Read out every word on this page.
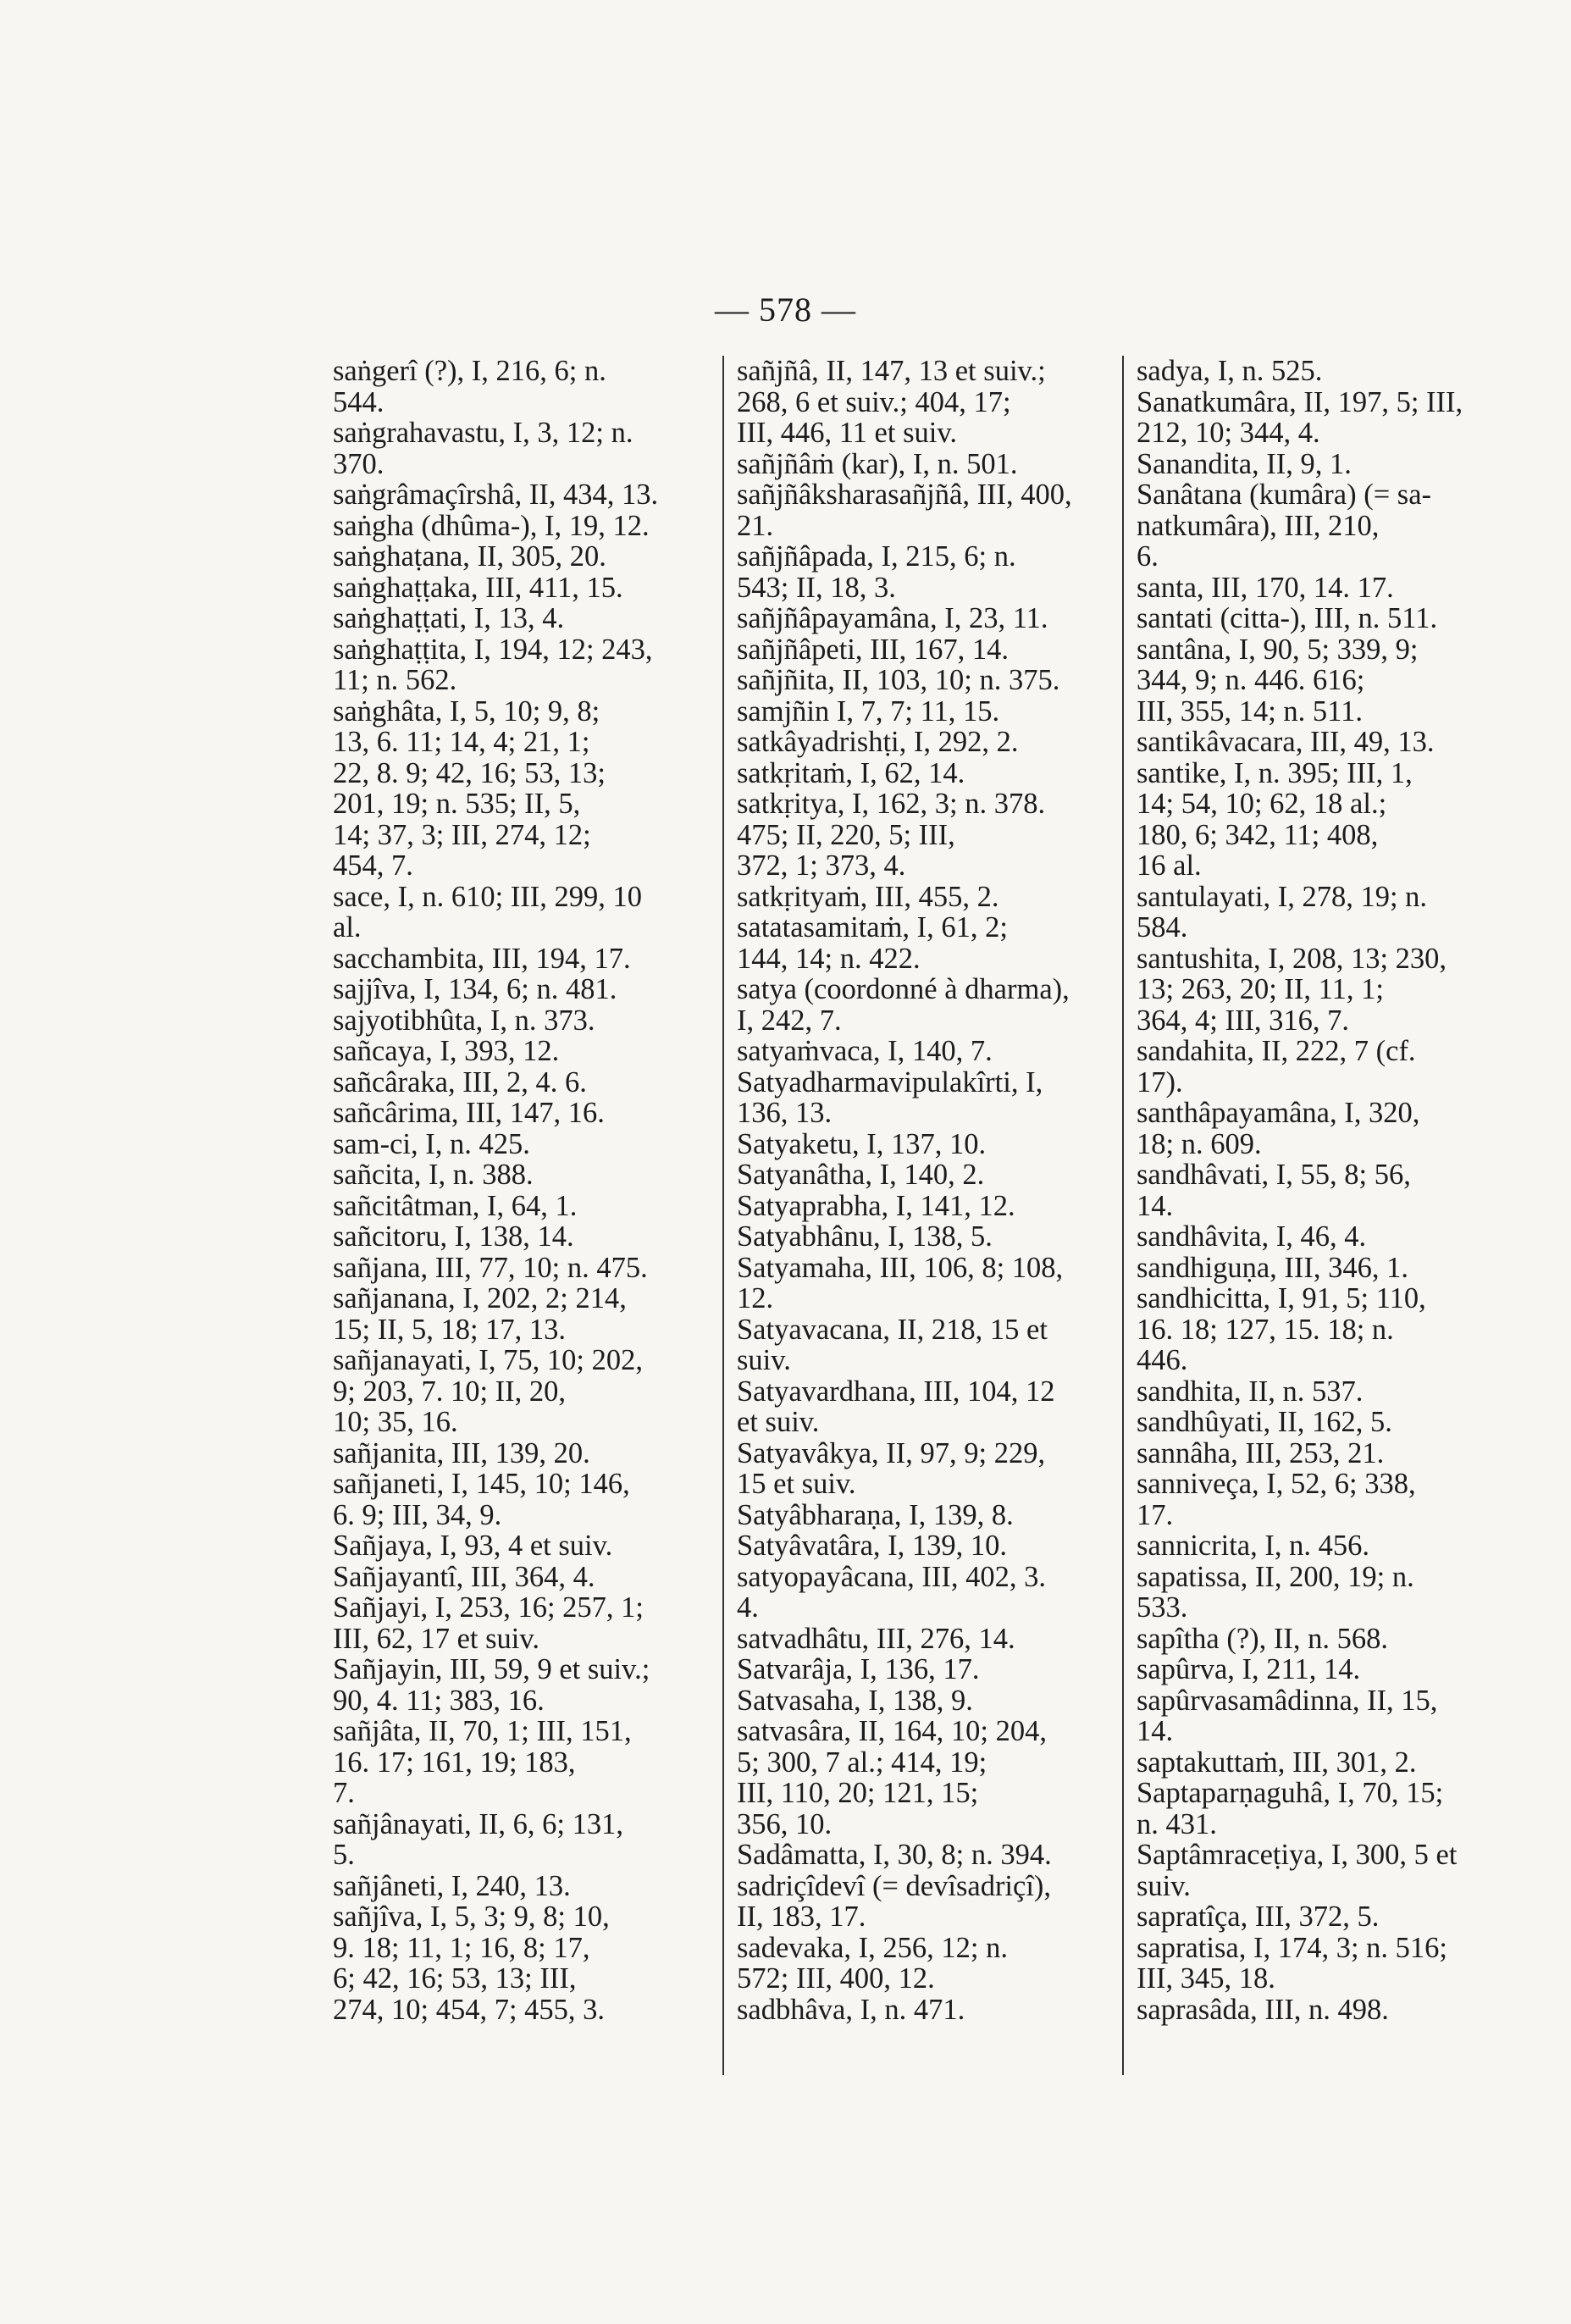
— 578 —
saṅgerî (?), I, 216, 6; n.
544.
saṅgrahavastu, I, 3, 12; n.
370.
saṅgrâmaçîrshâ, II, 434, 13.
saṅgha (dhûma-), I, 19, 12.
saṅghaṭana, II, 305, 20.
saṅghaṭṭaka, III, 411, 15.
saṅghaṭṭati, I, 13, 4.
saṅghaṭṭita, I, 194, 12; 243,
11; n. 562.
saṅghâta, I, 5, 10; 9, 8;
13, 6. 11; 14, 4; 21, 1;
22, 8. 9; 42, 16; 53, 13;
201, 19; n. 535; II, 5,
14; 37, 3; III, 274, 12;
454, 7.
sace, I, n. 610; III, 299, 10
al.
sacchambita, III, 194, 17.
sajjîva, I, 134, 6; n. 481.
sajyotibhûta, I, n. 373.
sañcaya, I, 393, 12.
sañcâraka, III, 2, 4. 6.
sañcârima, III, 147, 16.
sam-ci, I, n. 425.
sañcita, I, n. 388.
sañcitâtman, I, 64, 1.
sañcitoru, I, 138, 14.
sañjana, III, 77, 10; n. 475.
sañjanana, I, 202, 2; 214,
15; II, 5, 18; 17, 13.
sañjanayati, I, 75, 10; 202,
9; 203, 7. 10; II, 20,
10; 35, 16.
sañjanita, III, 139, 20.
sañjaneti, I, 145, 10; 146,
6. 9; III, 34, 9.
Sañjaya, I, 93, 4 et suiv.
Sañjayantî, III, 364, 4.
Sañjayi, I, 253, 16; 257, 1;
III, 62, 17 et suiv.
Sañjayin, III, 59, 9 et suiv.;
90, 4. 11; 383, 16.
sañjâta, II, 70, 1; III, 151,
16. 17; 161, 19; 183,
7.
sañjânayati, II, 6, 6; 131,
5.
sañjâneti, I, 240, 13.
sañjîva, I, 5, 3; 9, 8; 10,
9. 18; 11, 1; 16, 8; 17,
6; 42, 16; 53, 13; III,
274, 10; 454, 7; 455, 3.
sañjñâ, II, 147, 13 et suiv.;
268, 6 et suiv.; 404, 17;
III, 446, 11 et suiv.
sañjñâṁ (kar), I, n. 501.
sañjñâksharasañjñâ, III, 400,
21.
sañjñâpada, I, 215, 6; n.
543; II, 18, 3.
sañjñâpayamâna, I, 23, 11.
sañjñâpeti, III, 167, 14.
sañjñita, II, 103, 10; n. 375.
samjñin I, 7, 7; 11, 15.
satkâyadrishṭi, I, 292, 2.
satkṛitaṁ, I, 62, 14.
satkṛitya, I, 162, 3; n. 378.
475; II, 220, 5; III,
372, 1; 373, 4.
satkṛityaṁ, III, 455, 2.
satatasamitaṁ, I, 61, 2;
144, 14; n. 422.
satya (coordonné à dharma),
I, 242, 7.
satyaṁvaca, I, 140, 7.
Satyadharmavipulakîrti, I,
136, 13.
Satyaketu, I, 137, 10.
Satyanâtha, I, 140, 2.
Satyaprabha, I, 141, 12.
Satyabhânu, I, 138, 5.
Satyamaha, III, 106, 8; 108,
12.
Satyavacana, II, 218, 15 et
suiv.
Satyavardhana, III, 104, 12
et suiv.
Satyavâkya, II, 97, 9; 229,
15 et suiv.
Satyâbharaṇa, I, 139, 8.
Satyâvatâra, I, 139, 10.
satyopayâcana, III, 402, 3.
4.
satvadhâtu, III, 276, 14.
Satvarâja, I, 136, 17.
Satvasaha, I, 138, 9.
satvasâra, II, 164, 10; 204,
5; 300, 7 al.; 414, 19;
III, 110, 20; 121, 15;
356, 10.
Sadâmatta, I, 30, 8; n. 394.
sadriçîdevî (= devîsadriçî),
II, 183, 17.
sadevaka, I, 256, 12; n.
572; III, 400, 12.
sadbhâva, I, n. 471.
sadya, I, n. 525.
Sanatkumâra, II, 197, 5; III,
212, 10; 344, 4.
Sanandita, II, 9, 1.
Sanâtana (kumâra) (= sa-
natkumâra), III, 210,
6.
santa, III, 170, 14. 17.
santati (citta-), III, n. 511.
santâna, I, 90, 5; 339, 9;
344, 9; n. 446. 616;
III, 355, 14; n. 511.
santikâvacara, III, 49, 13.
santike, I, n. 395; III, 1,
14; 54, 10; 62, 18 al.;
180, 6; 342, 11; 408,
16 al.
santulayati, I, 278, 19; n.
584.
santushita, I, 208, 13; 230,
13; 263, 20; II, 11, 1;
364, 4; III, 316, 7.
sandahita, II, 222, 7 (cf.
17).
santhâpayamâna, I, 320,
18; n. 609.
sandhâvati, I, 55, 8; 56,
14.
sandhâvita, I, 46, 4.
sandhiguṇa, III, 346, 1.
sandhicitta, I, 91, 5; 110,
16. 18; 127, 15. 18; n.
446.
sandhita, II, n. 537.
sandhûyati, II, 162, 5.
sannâha, III, 253, 21.
sanniveça, I, 52, 6; 338,
17.
sannicrita, I, n. 456.
sapatissa, II, 200, 19; n.
533.
sapîtha (?), II, n. 568.
sapûrva, I, 211, 14.
sapûrvasamâdinna, II, 15,
14.
saptakuttaṁ, III, 301, 2.
Saptaparṇaguhâ, I, 70, 15;
n. 431.
Saptâmraceṭiya, I, 300, 5 et
suiv.
sapratîça, III, 372, 5.
sapratisa, I, 174, 3; n. 516;
III, 345, 18.
saprasâda, III, n. 498.
